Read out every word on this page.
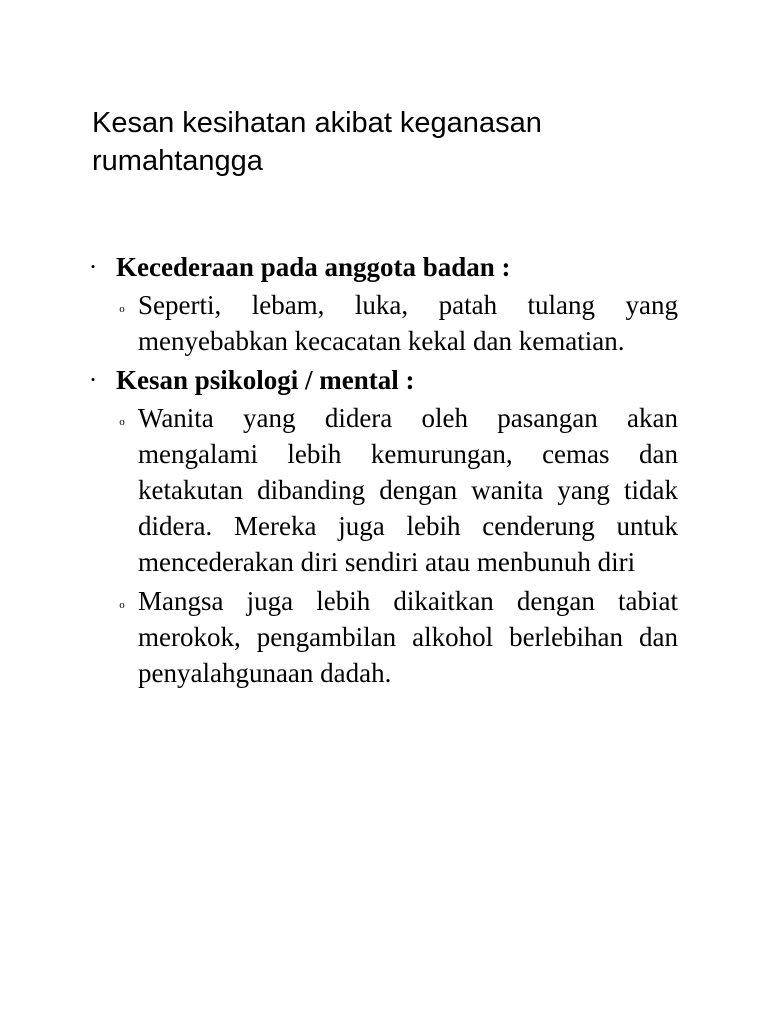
Kesan kesihatan akibat keganasan rumahtangga
• Kecederaan pada anggota badan :

o Seperti, lebam, luka, patah tulang yang menyebabkan kecacatan kekal dan kematian.
• Kesan psikologi / mental :

o Wanita yang didera oleh pasangan akan mengalami lebih kemurungan, cemas dan ketakutan dibanding dengan wanita yang tidak didera. Mereka juga lebih cenderung untuk mencederakan diri sendiri atau menbunuh diri
o Mangsa juga lebih dikaitkan dengan tabiat merokok, pengambilan alkohol berlebihan dan penyalahgunaan dadah.
